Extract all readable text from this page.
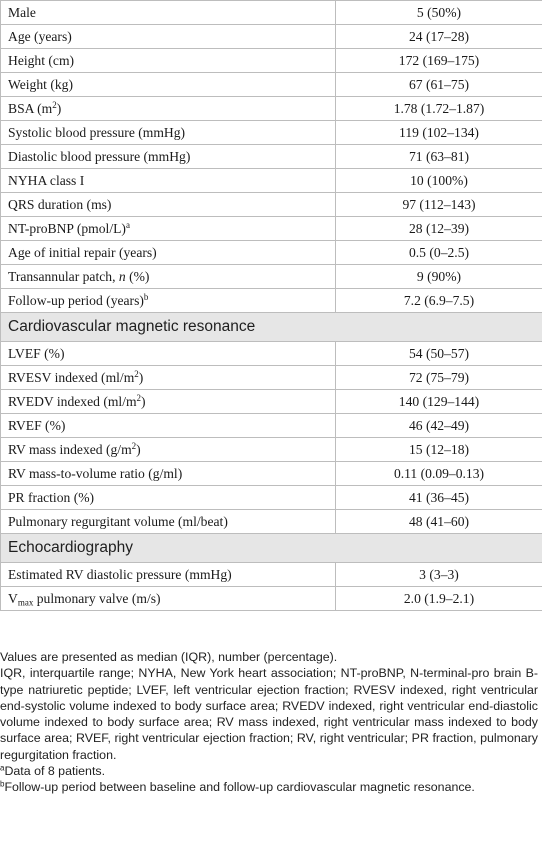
Male	5 (50%)
Age (years)	24 (17–28)
Height (cm)	172 (169–175)
Weight (kg)	67 (61–75)
BSA $(m^2)$	1.78 (1.72–1.87)
Systolic blood pressure (mmHg)	119 (102–134)
Diastolic blood pressure (mmHg)	71 (63–81)
NYHA class I	10 (100%)
QRS duration (ms)	97 (112–143)
NT-proBNP (pmol/L)$^a$	28 (12–39)
Age of initial repair (years)	0.5 (0–2.5)
Transannular patch, n (%)	9 (90%)
Follow-up period (years)$^b$	7.2 (6.9–7.5)
Cardiovascular magnetic resonance	
LVEF (%)	54 (50–57)
RVESV indexed $(ml/m^2)$	72 (75–79)
RVEDV indexed $(ml/m^2)$	140 (129–144)
RVEF (%)	46 (42–49)
RV mass indexed $(g/m^2)$	15 (12–18)
RV mass-to-volume ratio (g/ml)	0.11 (0.09–0.13)
PR fraction (%)	41 (36–45)
Pulmonary regurgitant volume (ml/beat)	48 (41–60)
Echocardiography	
Estimated RV diastolic pressure (mmHg)	3 (3–3)
$V_{max}$ pulmonary valve (m/s)	2.0 (1.9–2.1)

Values are presented as median (IQR), number (percentage).

IQR, interquartile range; NYHA, New York heart association; NT-proBNP, N-terminal-pro brain B-type natriuretic peptide; LVEF, left ventricular ejection fraction; RVESV indexed, right ventricular end-systolic volume indexed to body surface area; RVEDV indexed, right ventricular end-diastolic volume indexed to body surface area; RV mass indexed, right ventricular mass indexed to body surface area; RVEF, right ventricular ejection fraction; RV, right ventricular; PR fraction, pulmonary regurgitation fraction.

$^a$Data of 8 patients.

$^b$Follow-up period between baseline and follow-up cardiovascular magnetic resonance.
